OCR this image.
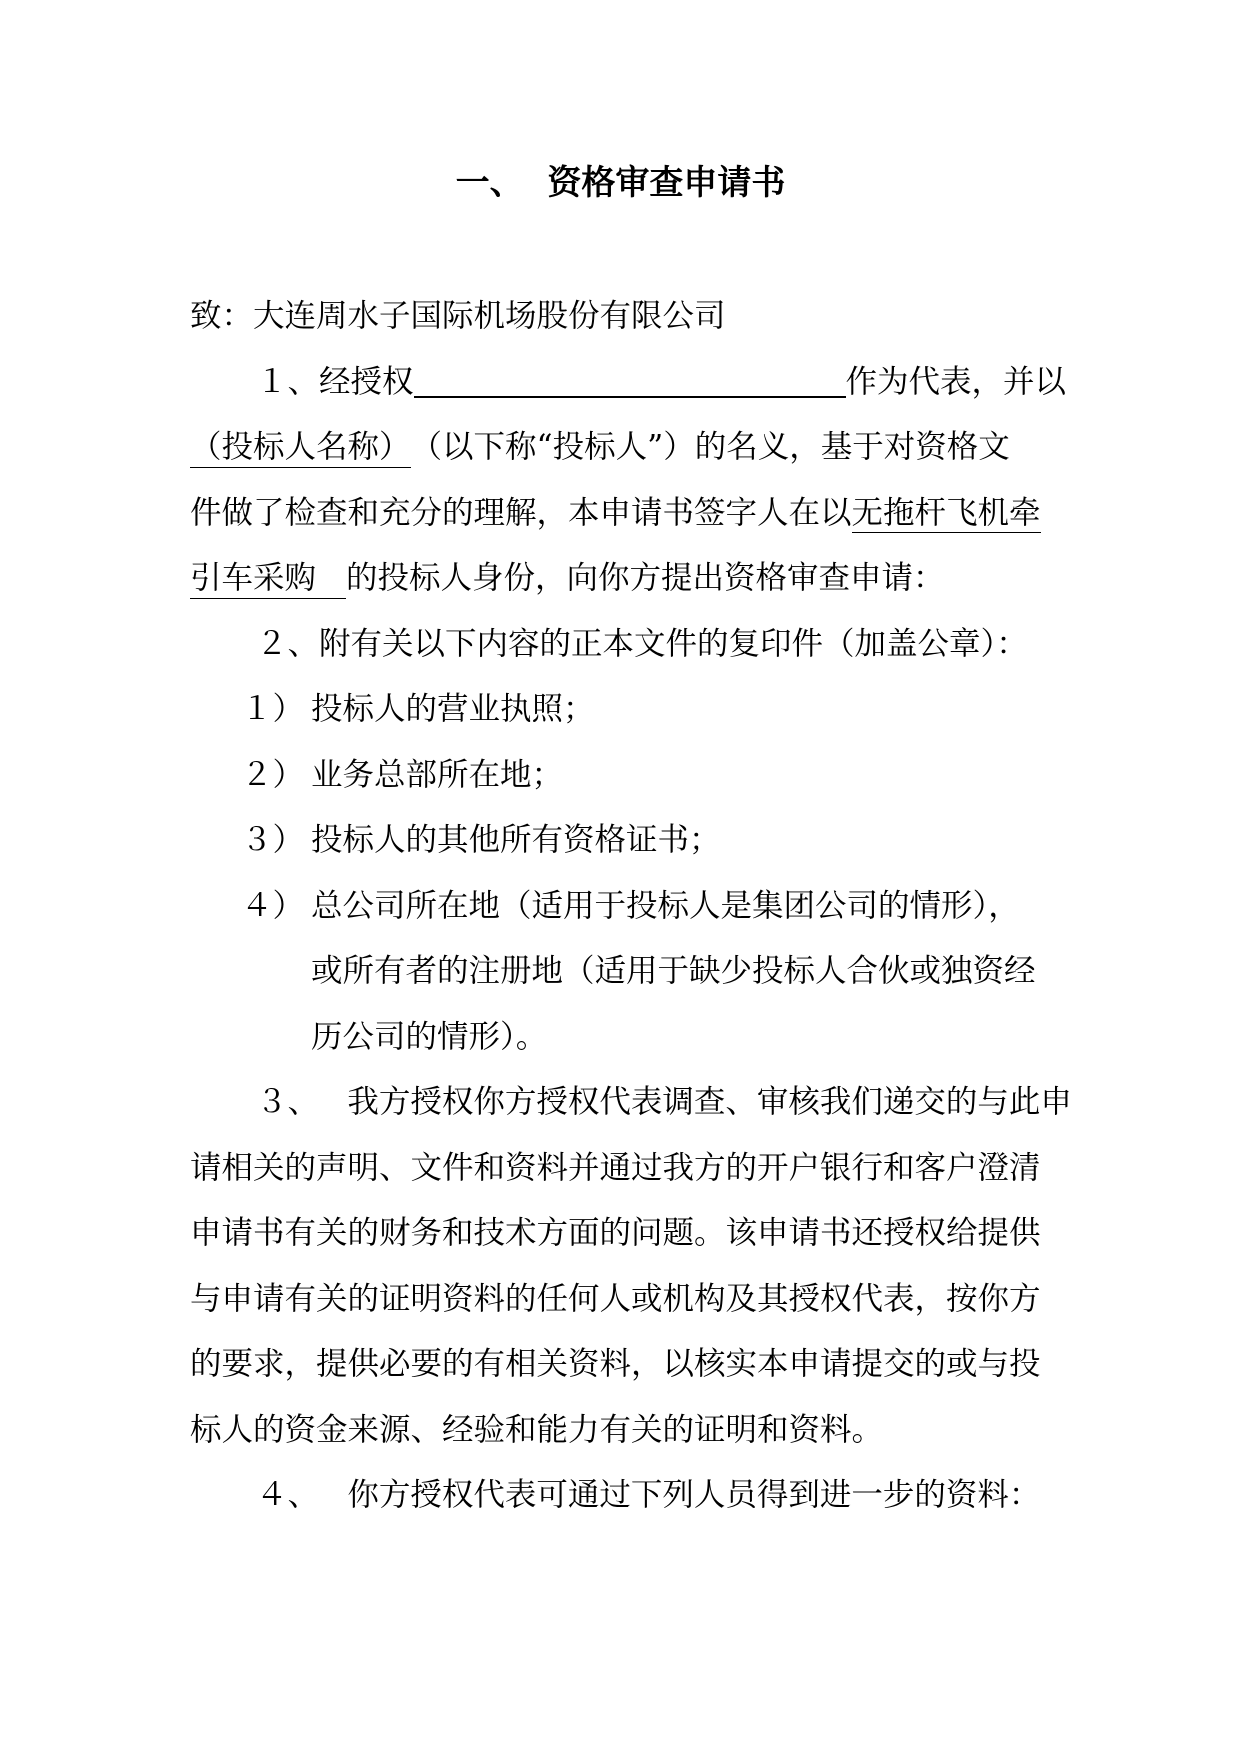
一、 资格审查申请书
致：大连周水子国际机场股份有限公司
１、经授权	作为代表，并以
（投标人名称）（以下称“投标人”）的名义，基于对资格文
件做了检查和充分的理解，本申请书签字人在以无拖杆飞机牵
引车采购 的投标人身份，向你方提出资格审查申请：
２、附有关以下内容的正本文件的复印件（加盖公章）：
１） 投标人的营业执照；
２） 业务总部所在地；
３） 投标人的其他所有资格证书；
４） 总公司所在地（适用于投标人是集团公司的情形），
或所有者的注册地（适用于缺少投标人合伙或独资经
历公司的情形）。
３、 我方授权你方授权代表调查、审核我们递交的与此申
请相关的声明、文件和资料并通过我方的开户银行和客户澄清
申请书有关的财务和技术方面的问题。该申请书还授权给提供
与申请有关的证明资料的任何人或机构及其授权代表，按你方
的要求，提供必要的有相关资料，以核实本申请提交的或与投
标人的资金来源、经验和能力有关的证明和资料。
４、 你方授权代表可通过下列人员得到进一步的资料：
